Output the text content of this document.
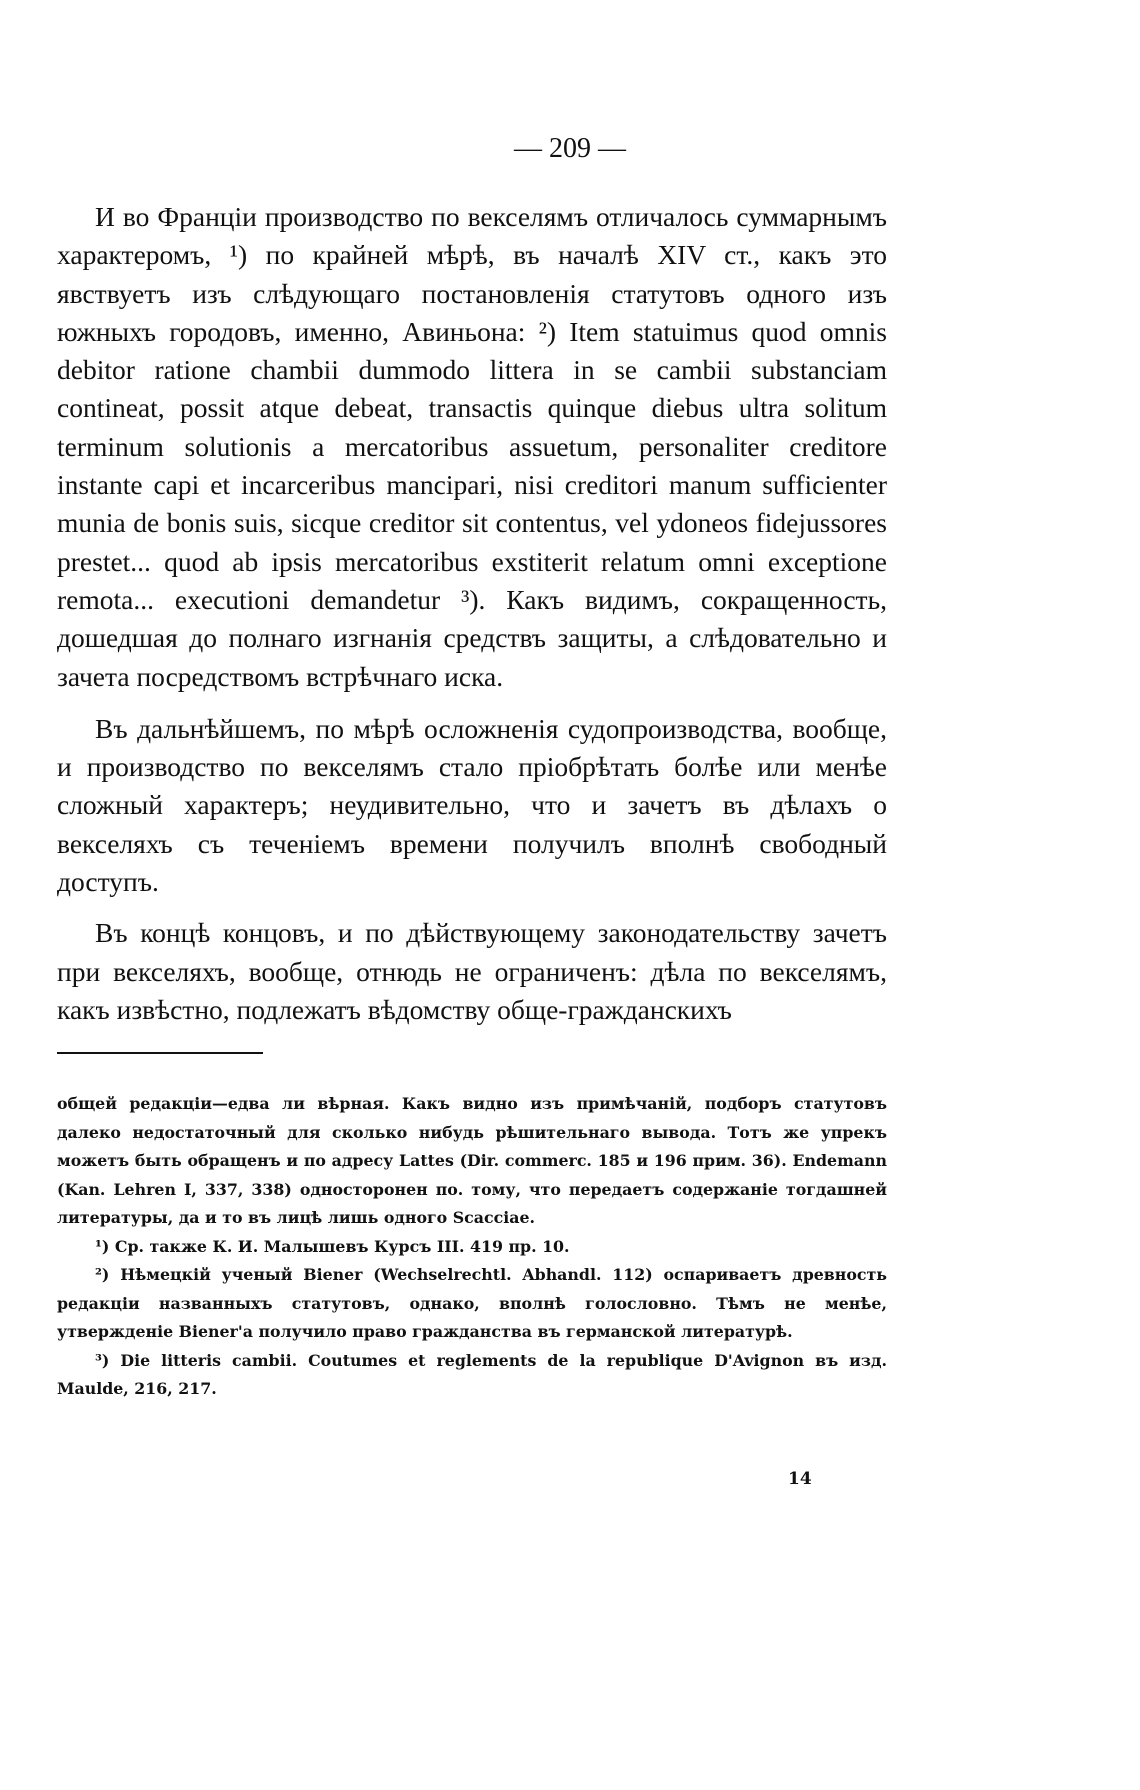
— 209 —

И во Франціи производство по векселямъ отличалось суммарнымъ характеромъ, ¹) по крайней мѣрѣ, въ началѣ XIV ст., какъ это явствуетъ изъ слѣдующаго постановленія статутовъ одного изъ южныхъ городовъ, именно, Авиньона: ²) Item statuimus quod omnis debitor ratione chambii dummodo littera in se cambii substanciam contineat, possit atque debeat, transactis quinque diebus ultra solitum terminum solutionis a mercatoribus assuetum, personaliter creditore instante capi et incarceribus mancipari, nisi creditori manum sufficienter munia de bonis suis, sicque creditor sit contentus, vel ydoneos fidejussores prestet... quod ab ipsis mercatoribus exstiterit relatum omni exceptione remota... executioni demandetur ³). Какъ видимъ, сокращенность, дошедшая до полнаго изгнанія средствъ защиты, а слѣдовательно и зачета посредствомъ встрѣчнаго иска.

Въ дальнѣйшемъ, по мѣрѣ осложненія судопроизводства, вообще, и производство по векселямъ стало пріобрѣтать болѣе или менѣе сложный характеръ; неудивительно, что и зачетъ въ дѣлахъ о векселяхъ съ теченіемъ времени получилъ вполнѣ свободный доступъ.

Въ концѣ концовъ, и по дѣйствующему законодательству зачетъ при векселяхъ, вообще, отнюдь не ограниченъ: дѣла по векселямъ, какъ извѣстно, подлежатъ вѣдомству обще-гражданскихъ

общей редакціи—едва ли вѣрная. Какъ видно изъ примѣчаній, подборъ статутовъ далеко недостаточный для сколько нибудь рѣшительнаго вывода. Тотъ же упрекъ можетъ быть обращенъ и по адресу Lattes (Dir. commerc. 185 и 196 прим. 36). Endemann (Kan. Lehren I, 337, 338) односторонен по. тому, что передаетъ содержаніе тогдашней литературы, да и то въ лицѣ лишь одного Scaccіae.

¹) Ср. также К. И. Малышевъ Курсъ III. 419 пр. 10.

²) Нѣмецкій ученый Biener (Wechselrechtl. Abhandl. 112) оспариваетъ древность редакціи названныхъ статутовъ, однако, вполнѣ голословно. Тѣмъ не менѣе, утвержденіе Biener'а получило право гражданства въ германской литературѣ.

³) Die litteris cambii. Coutumes et reglements de la republique D'Avignon въ изд. Maulde, 216, 217.

14
